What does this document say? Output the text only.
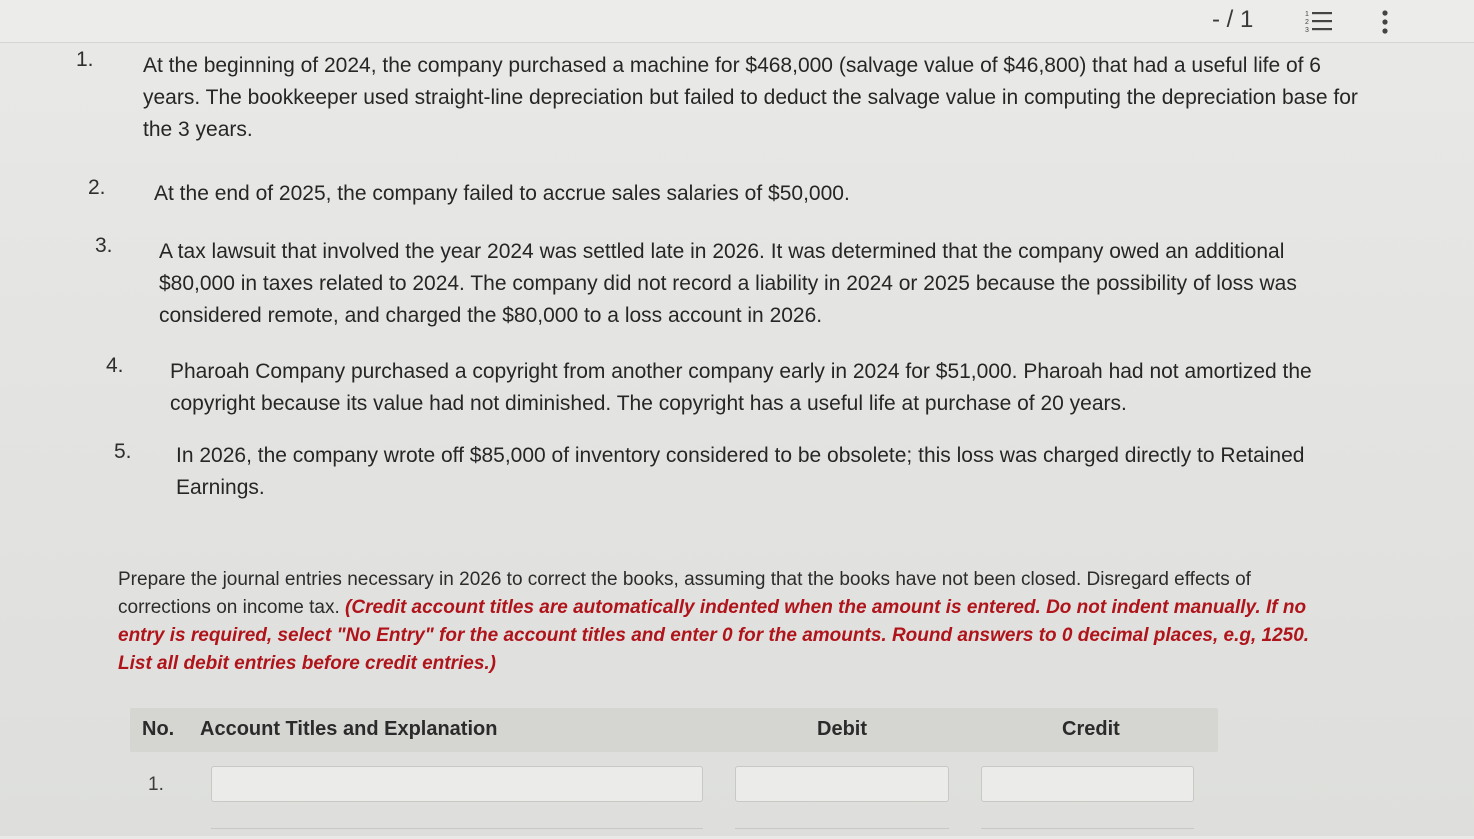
- / 1	1
2
3
1. At the beginning of 2024, the company purchased a machine for $468,000 (salvage value of $46,800) that had a useful life of 6 years. The bookkeeper used straight-line depreciation but failed to deduct the salvage value in computing the depreciation base for the 3 years.
2. At the end of 2025, the company failed to accrue sales salaries of $50,000.
3. A tax lawsuit that involved the year 2024 was settled late in 2026. It was determined that the company owed an additional $80,000 in taxes related to 2024. The company did not record a liability in 2024 or 2025 because the possibility of loss was considered remote, and charged the $80,000 to a loss account in 2026.
4. Pharoah Company purchased a copyright from another company early in 2024 for $51,000. Pharoah had not amortized the copyright because its value had not diminished. The copyright has a useful life at purchase of 20 years.
5. In 2026, the company wrote off $85,000 of inventory considered to be obsolete; this loss was charged directly to Retained Earnings.
Prepare the journal entries necessary in 2026 to correct the books, assuming that the books have not been closed. Disregard effects of corrections on income tax. (Credit account titles are automatically indented when the amount is entered. Do not indent manually. If no entry is required, select "No Entry" for the account titles and enter 0 for the amounts. Round answers to 0 decimal places, e.g, 1250. List all debit entries before credit entries.)
No. Account Titles and Explanation	Debit	Credit
1.
